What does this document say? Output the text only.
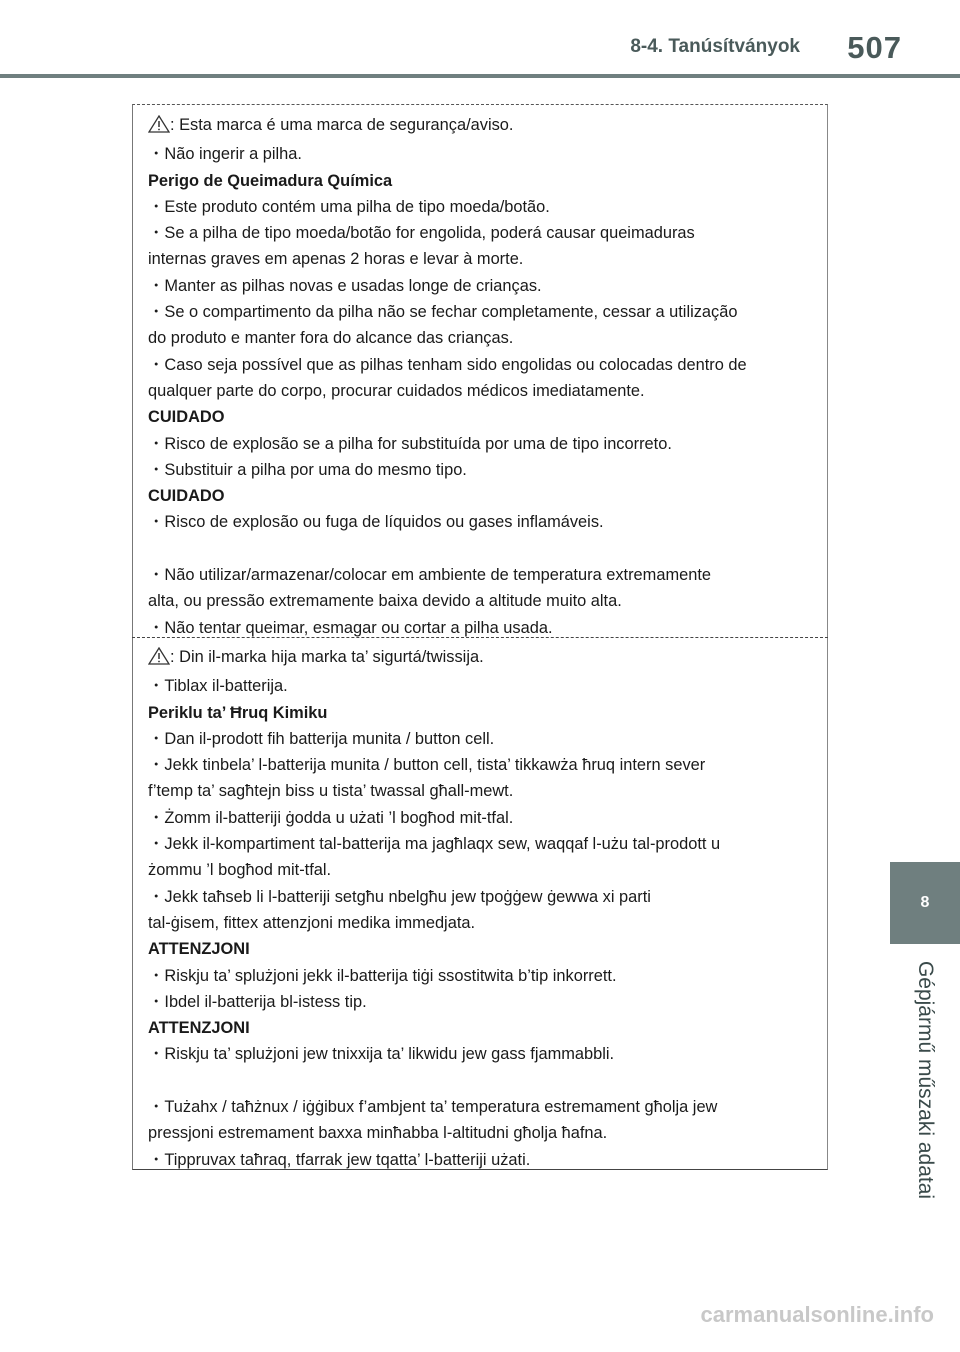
8-4. Tanúsítványok 507
8
Gépjármű műszaki adatai

: Esta marca é uma marca de segurança/aviso.

・Não ingerir a pilha.

Perigo de Queimadura Química

・Este produto contém uma pilha de tipo moeda/botão.

・Se a pilha de tipo moeda/botão for engolida, poderá causar queimaduras

internas graves em apenas 2 horas e levar à morte.

・Manter as pilhas novas e usadas longe de crianças.

・Se o compartimento da pilha não se fechar completamente, cessar a utilização

do produto e manter fora do alcance das crianças.

・Caso seja possível que as pilhas tenham sido engolidas ou colocadas dentro de

qualquer parte do corpo, procurar cuidados médicos imediatamente.

CUIDADO

・Risco de explosão se a pilha for substituída por uma de tipo incorreto.

・Substituir a pilha por uma do mesmo tipo.

CUIDADO

・Risco de explosão ou fuga de líquidos ou gases inflamáveis.

・Não utilizar/armazenar/colocar em ambiente de temperatura extremamente

alta, ou pressão extremamente baixa devido a altitude muito alta.

・Não tentar queimar, esmagar ou cortar a pilha usada.

: Din il-marka hija marka ta’ sigurtá/twissija.

・Tiblax il-batterija.

Periklu ta’ Ħruq Kimiku

・Dan il-prodott fih batterija munita / button cell.

・Jekk tinbela’ l-batterija munita / button cell, tista’ tikkawża ħruq intern sever

f’temp ta’ sagħtejn biss u tista’ twassal għall-mewt.

・Żomm il-batteriji ġodda u użati ’l bogħod mit-tfal.

・Jekk il-kompartiment tal-batterija ma jagħlaqx sew, waqqaf l-użu tal-prodott u

żommu ’l bogħod mit-tfal.

・Jekk taħseb li l-batteriji setgħu nbelgħu jew tpoġġew ġewwa xi parti

tal-ġisem, fittex attenzjoni medika immedjata.

ATTENZJONI

・Riskju ta’ splużjoni jekk il-batterija tiġi ssostitwita b’tip inkorrett.

・Ibdel il-batterija bl-istess tip.

ATTENZJONI

・Riskju ta’ splużjoni jew tnixxija ta’ likwidu jew gass fjammabbli.

・Tużahx / taħżnux / iġġibux f’ambjent ta’ temperatura estremament għolja jew

pressjoni estremament baxxa minħabba l-altitudni għolja ħafna.

・Tippruvax taħraq, tfarrak jew tqatta’ l-batteriji użati.

carmanualsonline.info
